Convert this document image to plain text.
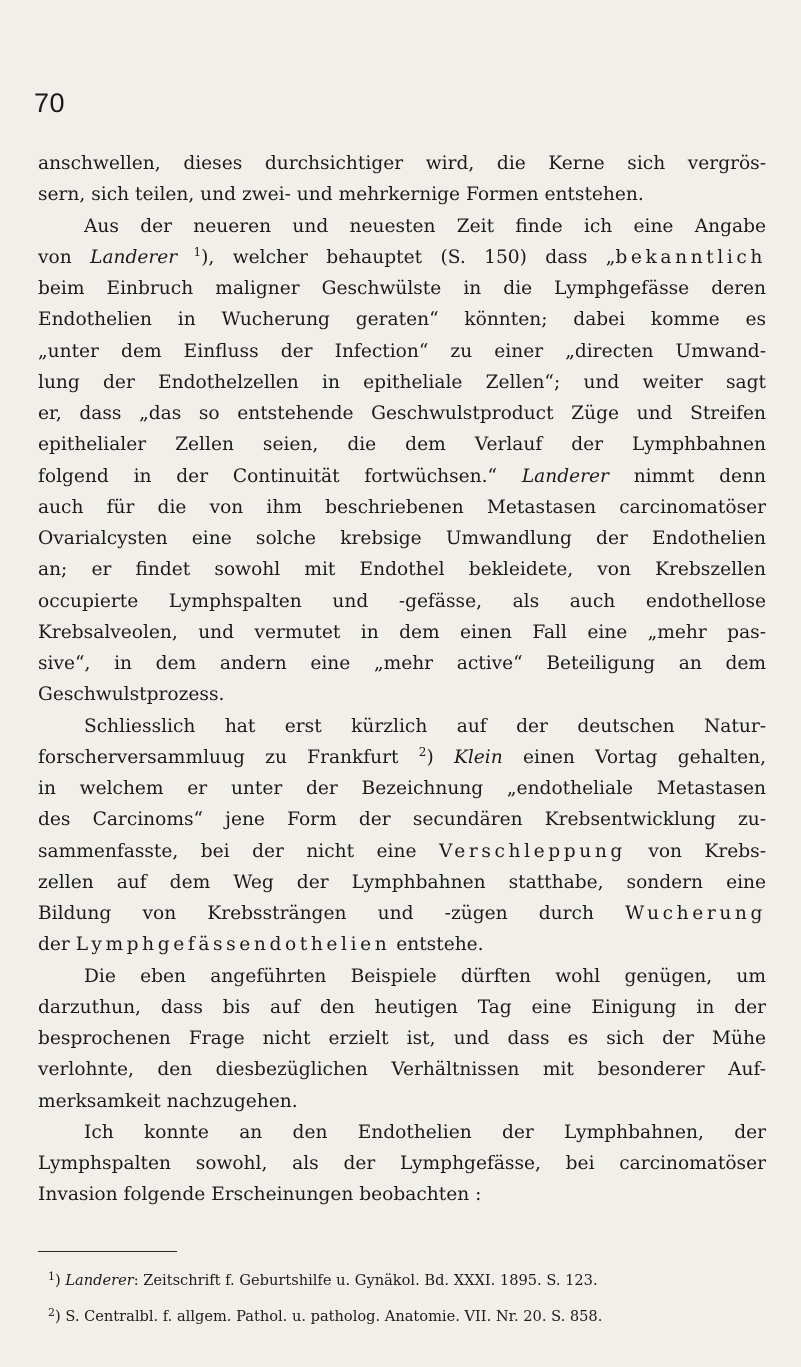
70
anschwellen, dieses durchsichtiger wird, die Kerne sich vergrös-
sern, sich teilen, und zwei- und mehrkernige Formen entstehen.
Aus der neueren und neuesten Zeit finde ich eine Angabe
von Landerer $^1$), welcher behauptet (S. 150) dass „bekanntlich
beim Einbruch maligner Geschwülste in die Lymphgefässe deren
Endothelien in Wucherung geraten“ könnten; dabei komme es
„unter dem Einfluss der Infection“ zu einer „directen Umwand-
lung der Endothelzellen in epitheliale Zellen“; und weiter sagt
er, dass „das so entstehende Geschwulstproduct Züge und Streifen
epithelialer Zellen seien, die dem Verlauf der Lymphbahnen
folgend in der Continuität fortwüchsen.“ Landerer nimmt denn
auch für die von ihm beschriebenen Metastasen carcinomatöser
Ovarialcysten eine solche krebsige Umwandlung der Endothelien
an; er findet sowohl mit Endothel bekleidete, von Krebszellen
occupierte Lymphspalten und -gefässe, als auch endothellose
Krebsalveolen, und vermutet in dem einen Fall eine „mehr pas-
sive“, in dem andern eine „mehr active“ Beteiligung an dem
Geschwulstprozess.
Schliesslich hat erst kürzlich auf der deutschen Natur-
forscherversammluug zu Frankfurt $^2$) Klein einen Vortag gehalten,
in welchem er unter der Bezeichnung „endotheliale Metastasen
des Carcinoms“ jene Form der secundären Krebsentwicklung zu-
sammenfasste, bei der nicht eine Verschleppung von Krebs-
zellen auf dem Weg der Lymphbahnen statthabe, sondern eine
Bildung von Krebssträngen und -zügen durch Wucherung
der Lymphgefässendothelien entstehe.
Die eben angeführten Beispiele dürften wohl genügen, um
darzuthun, dass bis auf den heutigen Tag eine Einigung in der
besprochenen Frage nicht erzielt ist, und dass es sich der Mühe
verlohnte, den diesbezüglichen Verhältnissen mit besonderer Auf-
merksamkeit nachzugehen.
Ich konnte an den Endothelien der Lymphbahnen, der
Lymphspalten sowohl, als der Lymphgefässe, bei carcinomatöser
Invasion folgende Erscheinungen beobachten :
$^1$) Landerer: Zeitschrift f. Geburtshilfe u. Gynäkol. Bd. XXXI. 1895. S. 123.
$^2$) S. Centralbl. f. allgem. Pathol. u. patholog. Anatomie. VII. Nr. 20. S. 858.
